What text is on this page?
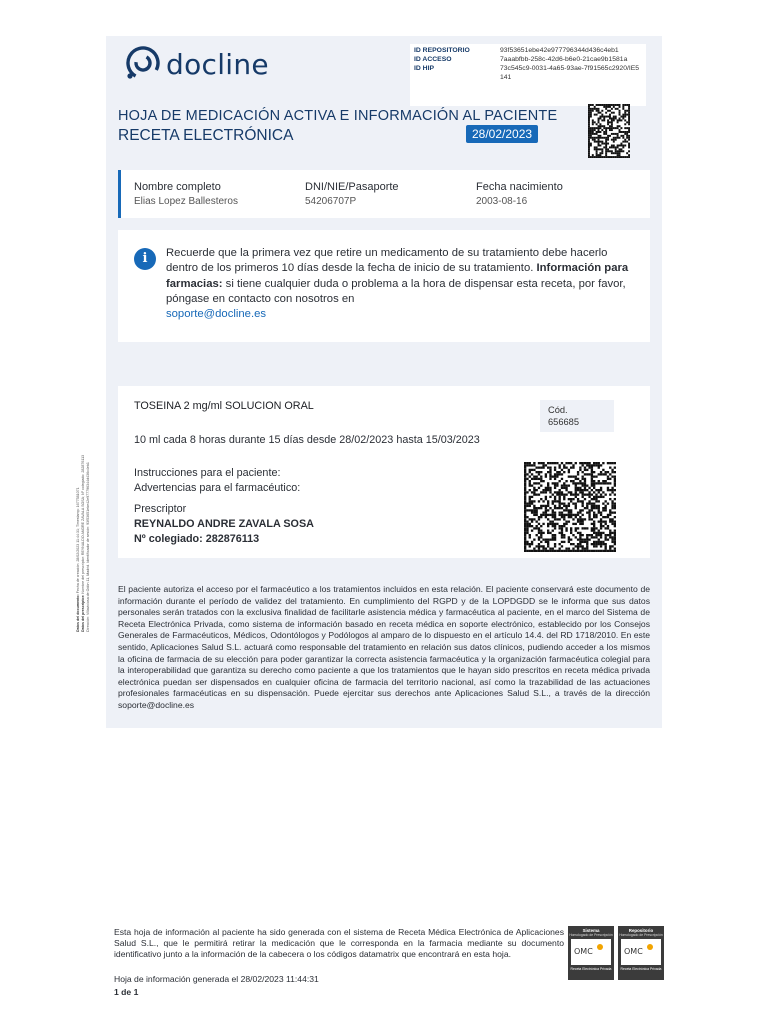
docline	ID REPOSITORIO	93f53651ebe42e977796344d436c4eb1
ID ACCESO	7aaabfbb-258c-42d6-b6e0-21cae9b1581a
ID HIP	73c545c9-0031-4a65-93ae-7f91565c2920/IE5141
HOJA DE MEDICACIÓN ACTIVA E INFORMACIÓN AL PACIENTE
RECETA ELECTRÓNICA	28/02/2023
Nombre completo
Elias Lopez Ballesteros
DNI/NIE/Pasaporte
54206707P
Fecha nacimiento
2003-08-16
i	Recuerde que la primera vez que retire un medicamento de su tratamiento debe hacerlo dentro de los primeros 10 días desde la fecha de inicio de su tratamiento. Información para farmacias: si tiene cualquier duda o problema a la hora de dispensar esta receta, por favor, póngase en contacto con nosotros en
soporte@docline.es
TOSEINA 2 mg/ml SOLUCION ORAL	Cód.
656685
10 ml cada 8 horas durante 15 días desde 28/02/2023 hasta 15/03/2023
Instrucciones para el paciente:
Advertencias para el farmacéutico:
Prescriptor
REYNALDO ANDRE ZAVALA SOSA
Nº colegiado: 282876113
El paciente autoriza el acceso por el farmacéutico a los tratamientos incluidos en esta relación. El paciente conservará este documento de información durante el período de validez del tratamiento. En cumplimiento del RGPD y de la LOPDGDD se le informa que sus datos personales serán tratados con la exclusiva finalidad de facilitarle asistencia médica y farmacéutica al paciente, en el marco del Sistema de Receta Electrónica Privada, como sistema de información basado en receta médica en soporte electrónico, establecido por los Consejos Generales de Farmacéuticos, Médicos, Odontólogos y Podólogos al amparo de lo dispuesto en el artículo 14.4. del RD 1718/2010. En este sentido, Aplicaciones Salud S.L. actuará como responsable del tratamiento en relación sus datos clínicos, pudiendo acceder a los mismos la oficina de farmacia de su elección para poder garantizar la correcta asistencia farmacéutica y la organización farmacéutica colegial para la interoperabilidad que garantiza su derecho como paciente a que los tratamientos que le hayan sido prescritos en receta médica privada electrónica puedan ser dispensados en cualquier oficina de farmacia del territorio nacional, así como la trazabilidad de las actuaciones profesionales farmacéuticas en su dispensación. Puede ejercitar sus derechos ante Aplicaciones Salud S.L., a través de la dirección soporte@docline.es
Datos del documento: Fecha de creación: 28/02/2023 11:44:31; Timestamp: 1677581071
Datos del prescriptor: Nombre del prescriptor: REYNALDO ANDRE ZAVALA SOSA; Nº colegiado: 282876113
Dirección: Villaviciosa de Odón 11, Madrid. Identificador de sesión: 93f53651ebe42e977796344d436c4eb1
Esta hoja de información al paciente ha sido generada con el sistema de Receta Médica Electrónica de Aplicaciones Salud S.L., que le permitirá retirar la medicación que le corresponda en la farmacia mediante su documento identificativo junto a la información de la cabecera o los códigos datamatrix que encontrará en esta hoja.
Hoja de información generada el 28/02/2023 11:44:31
1 de 1
Sistema
Homologado de Prescripción
OMC
Receta Electrónica Privada
Repositorio
Homologado de Prescripción
OMC
Receta Electrónica Privada
